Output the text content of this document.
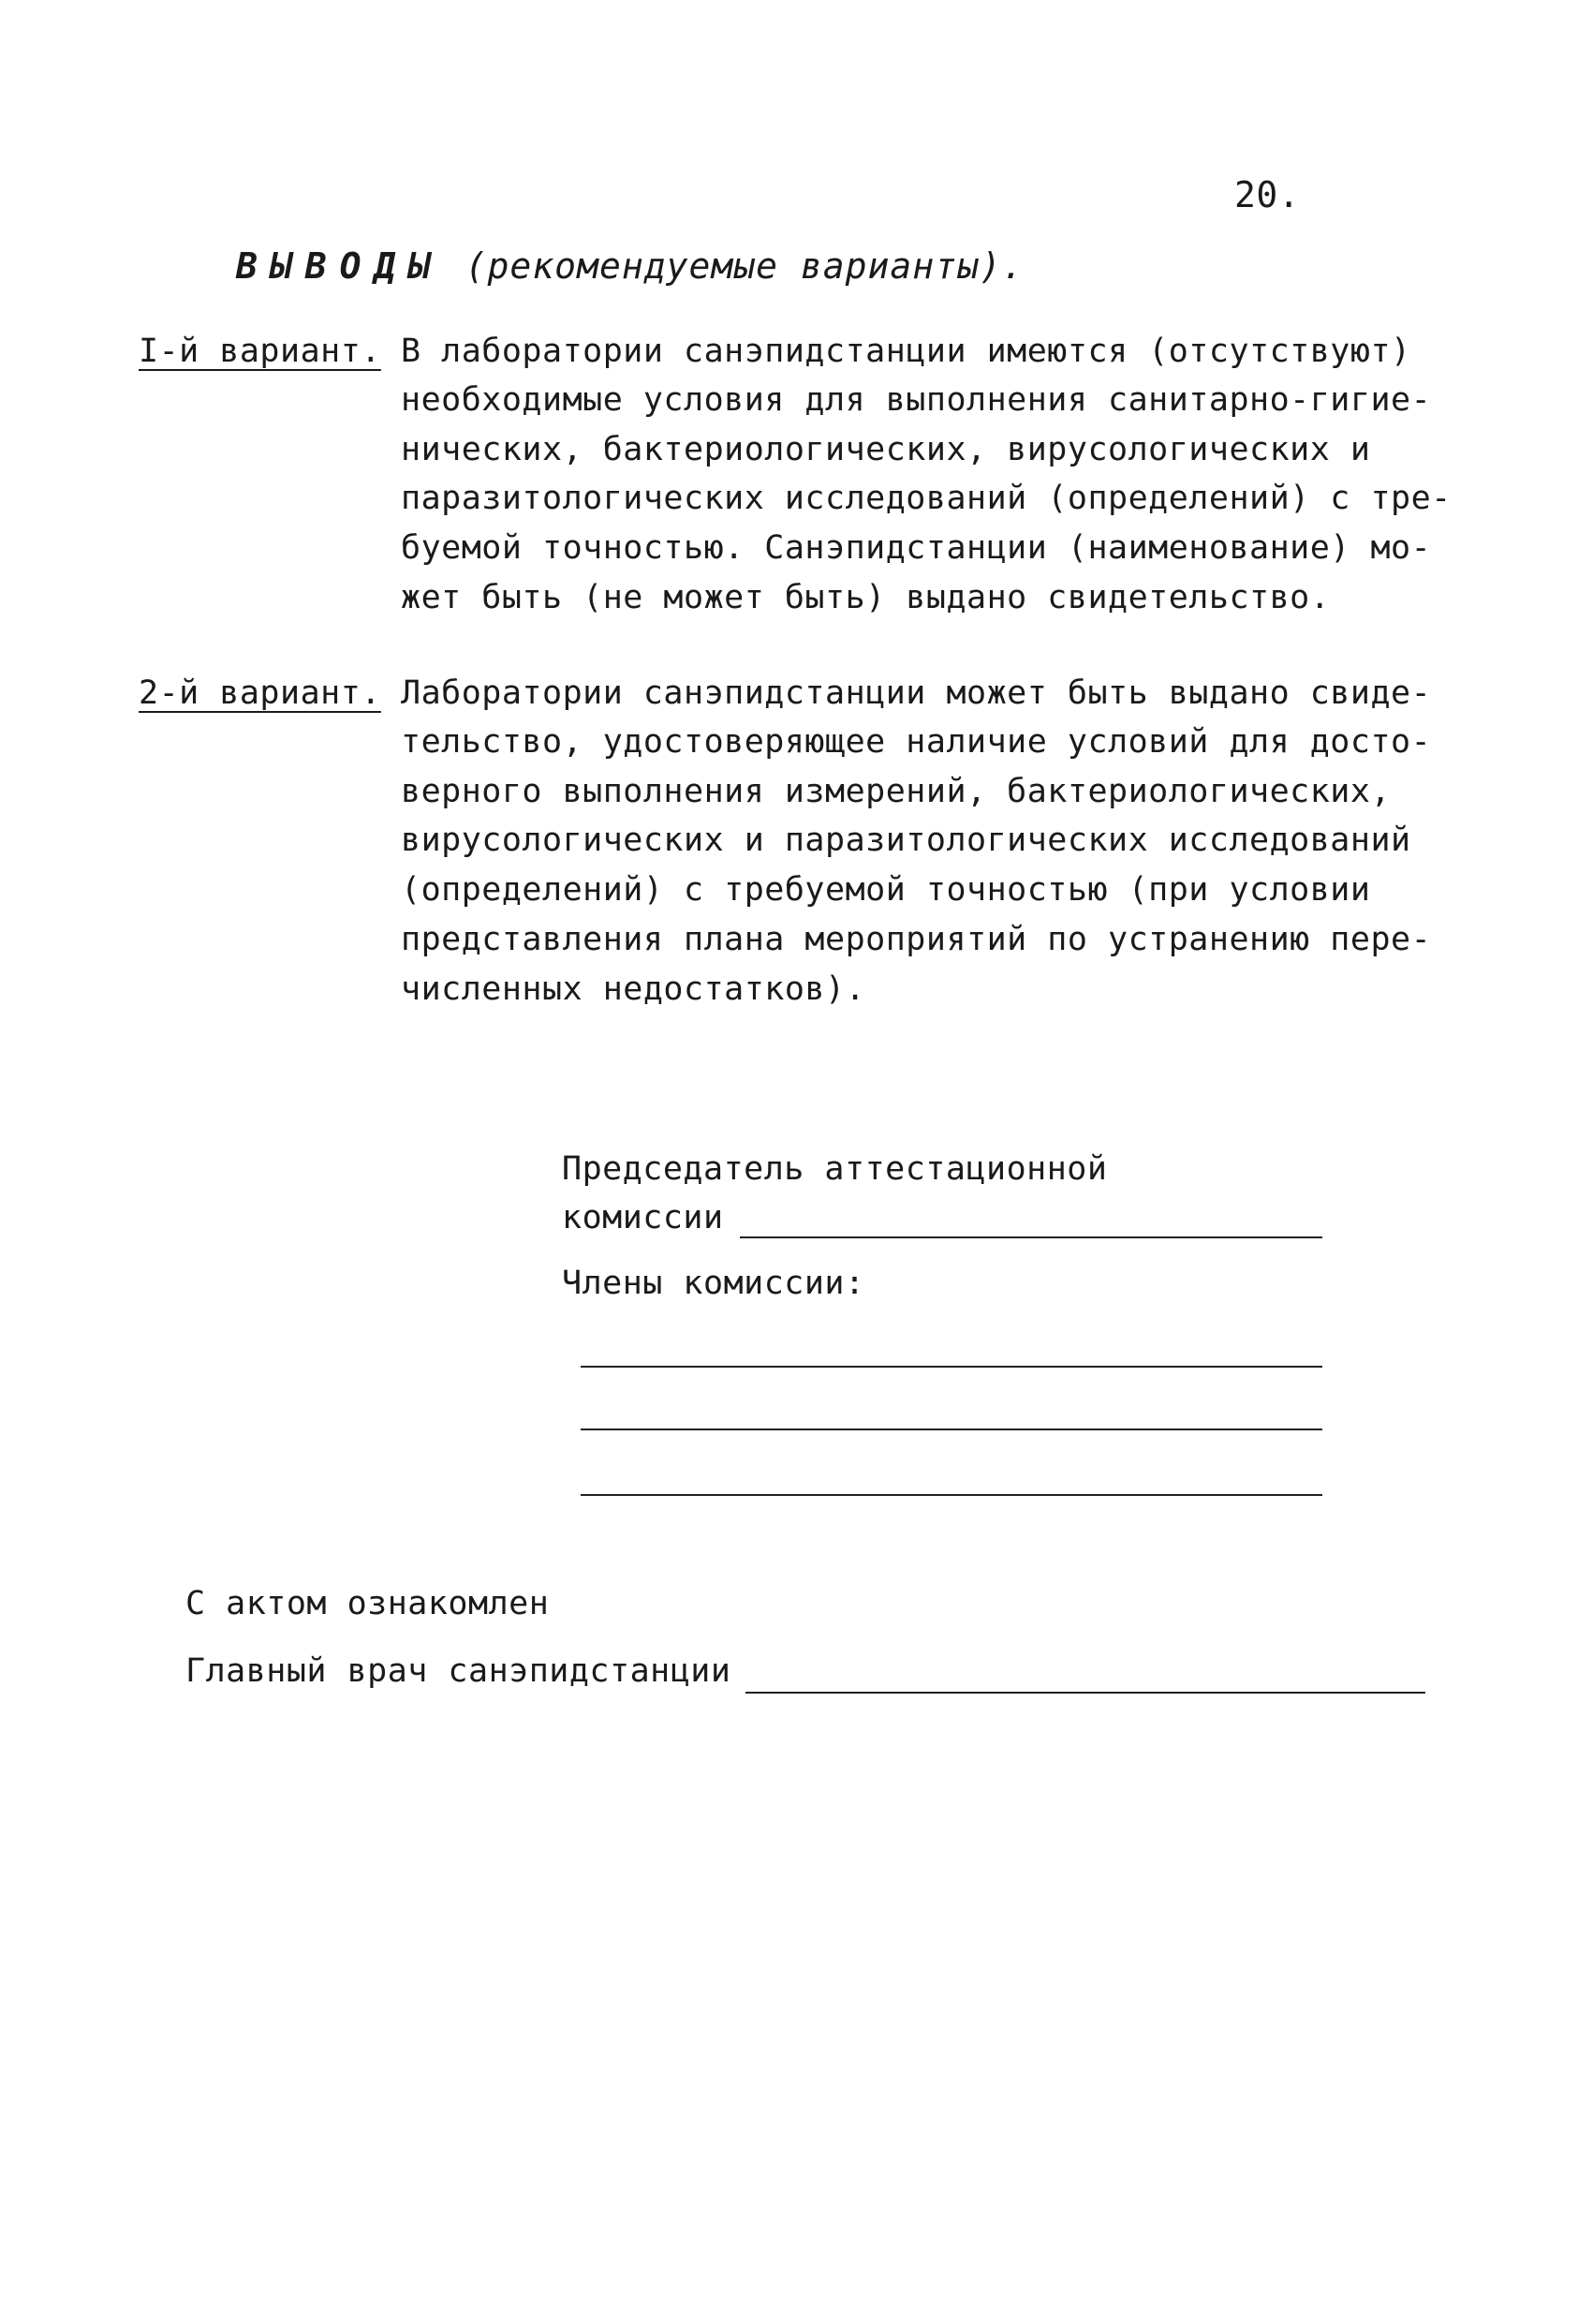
20.
ВЫВОДЫ (рекомендуемые варианты).
I-й вариант. В лаборатории санэпидстанции имеются (отсутствуют)
необходимые условия для выполнения санитарно-гигие-
нических, бактериологических, вирусологических и
паразитологических исследований (определений) с тре-
буемой точностью. Санэпидстанции (наименование) мо-
жет быть (не может быть) выдано свидетельство.
2-й вариант. Лаборатории санэпидстанции может быть выдано свиде-
тельство, удостоверяющее наличие условий для досто-
верного выполнения измерений, бактериологических,
вирусологических и паразитологических исследований
(определений) с требуемой точностью (при условии
представления плана мероприятий по устранению пере-
численных недостатков).
Председатель аттестационной
комиссии
Члены комиссии:
С актом ознакомлен
Главный врач санэпидстанции
